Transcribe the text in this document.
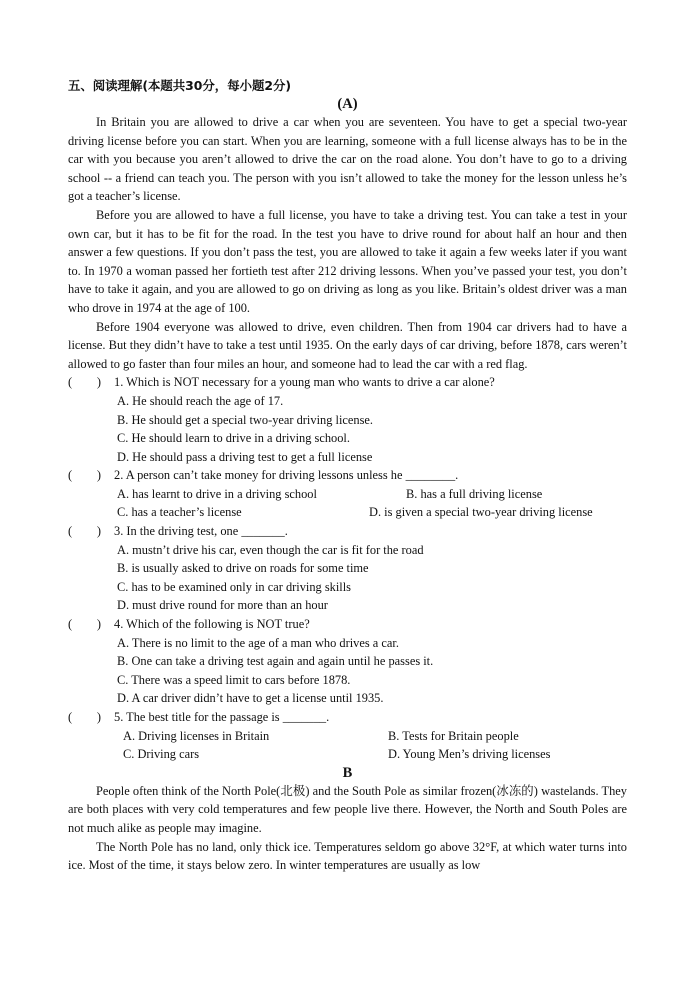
五、阅读理解(本题共30分，每小题2分)
(A)

In Britain you are allowed to drive a car when you are seventeen. You have to get a special two-year driving license before you can start. When you are learning, someone with a full license always has to be in the car with you because you aren’t allowed to drive the car on the road alone. You don’t have to go to a driving school -- a friend can teach you. The person with you isn’t allowed to take the money for the lesson unless he’s got a teacher’s license.

Before you are allowed to have a full license, you have to take a driving test. You can take a test in your own car, but it has to be fit for the road. In the test you have to drive round for about half an hour and then answer a few questions. If you don’t pass the test, you are allowed to take it again a few weeks later if you want to. In 1970 a woman passed her fortieth test after 212 driving lessons. When you’ve passed your test, you don’t have to take it again, and you are allowed to go on driving as long as you like. Britain’s oldest driver was a man who drove in 1974 at the age of 100.

Before 1904 everyone was allowed to drive, even children. Then from 1904 car drivers had to have a license. But they didn’t have to take a test until 1935. On the early days of car driving, before 1878, cars weren’t allowed to go faster than four miles an hour, and someone had to lead the car with a red flag.

(        ) 1. Which is NOT necessary for a young man who wants to drive a car alone?

A. He should reach the age of 17.

B. He should get a special two-year driving license.

C. He should learn to drive in a driving school.

D. He should pass a driving test to get a full license

(        ) 2. A person can’t take money for driving lessons unless he ________.

A. has learnt to drive in a driving school	B. has a full driving license
C. has a teacher’s license	D. is given a special two-year driving license

(        ) 3. In the driving test, one _______.

A. mustn’t drive his car, even though the car is fit for the road

B. is usually asked to drive on roads for some time

C. has to be examined only in car driving skills

D. must drive round for more than an hour

(        ) 4. Which of the following is NOT true?

A. There is no limit to the age of a man who drives a car.

B. One can take a driving test again and again until he passes it.

C. There was a speed limit to cars before 1878.

D. A car driver didn’t have to get a license until 1935.

(        ) 5. The best title for the passage is _______.

A. Driving licenses in Britain	B. Tests for Britain people
C. Driving cars	D. Young Men’s driving licenses
B

People often think of the North Pole(北极) and the South Pole as similar frozen(冰冻的) wastelands. They are both places with very cold temperatures and few people live there. However, the North and South Poles are not much alike as people may imagine.

The North Pole has no land, only thick ice. Temperatures seldom go above 32°F, at which water turns into ice. Most of the time, it stays below zero. In winter temperatures are usually as low
